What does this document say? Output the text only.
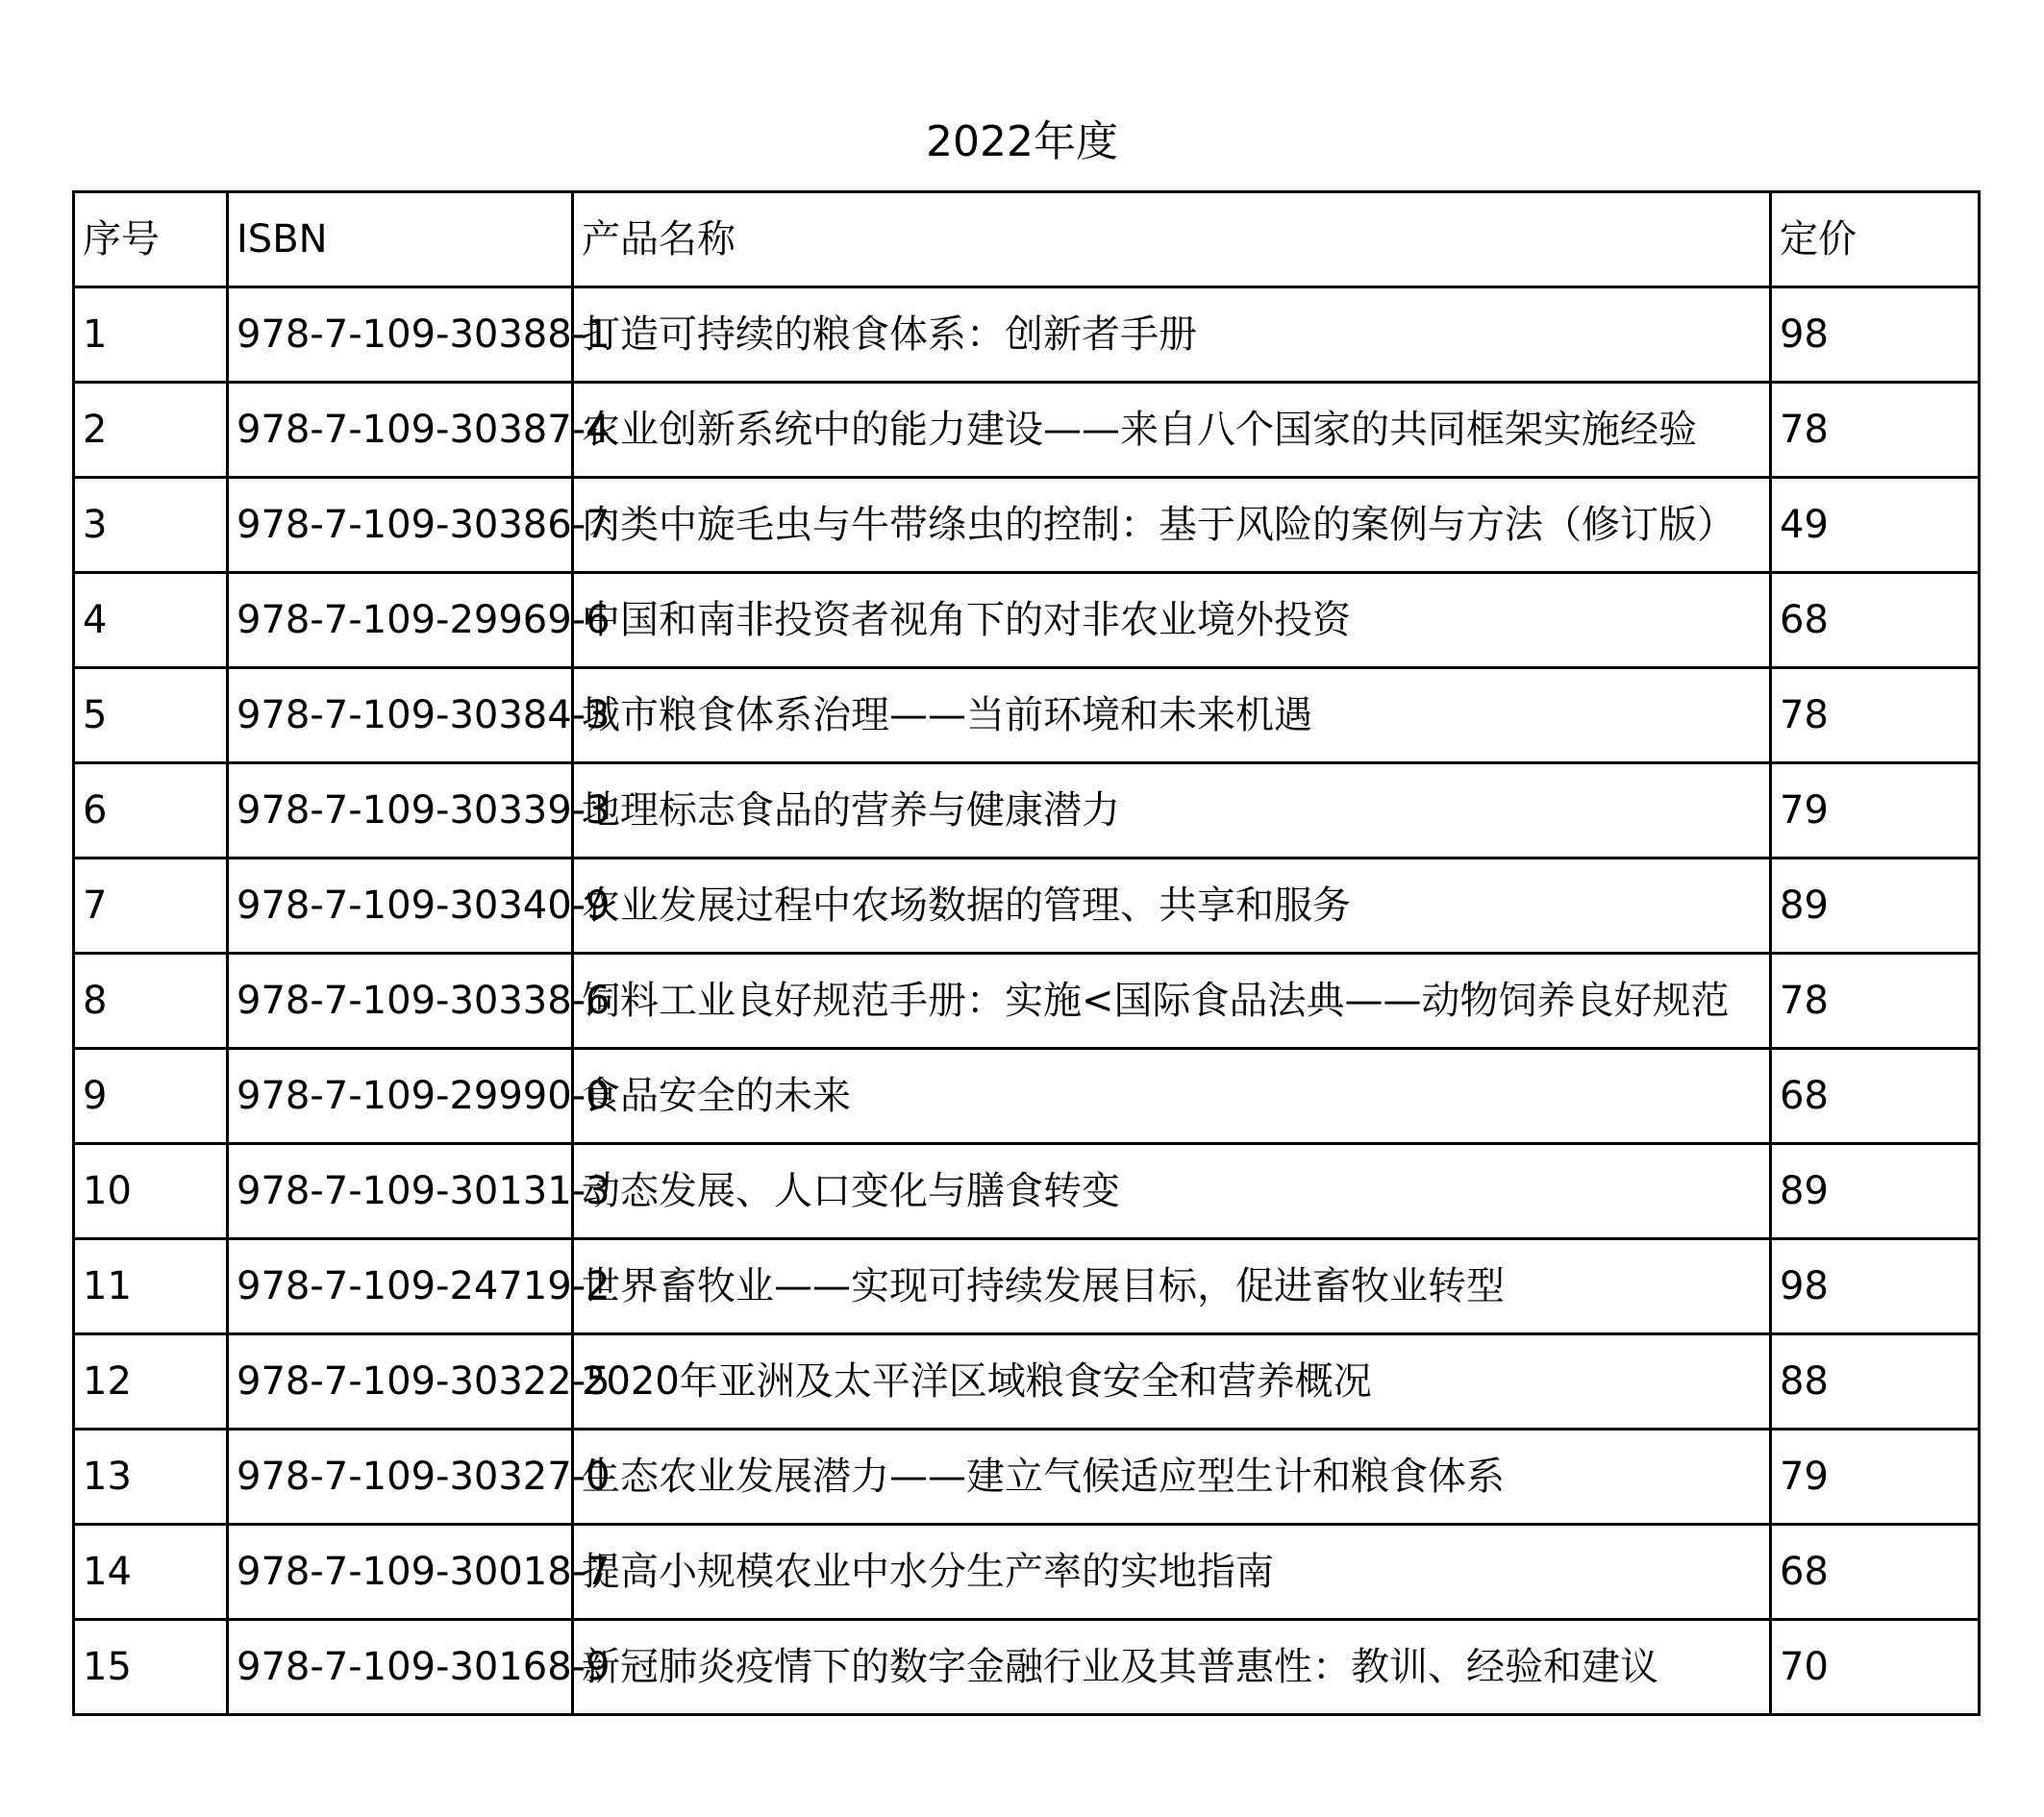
2022年度
序号	ISBN	产品名称	定价
1	978-7-109-30388-1	打造可持续的粮食体系：创新者手册	98
2	978-7-109-30387-4	农业创新系统中的能力建设——来自八个国家的共同框架实施经验	78
3	978-7-109-30386-7	肉类中旋毛虫与牛带绦虫的控制：基于风险的案例与方法（修订版）	49
4	978-7-109-29969-6	中国和南非投资者视角下的对非农业境外投资	68
5	978-7-109-30384-3	城市粮食体系治理——当前环境和未来机遇	78
6	978-7-109-30339-3	地理标志食品的营养与健康潜力	79
7	978-7-109-30340-9	农业发展过程中农场数据的管理、共享和服务	89
8	978-7-109-30338-6	饲料工业良好规范手册：实施<国际食品法典——动物饲养良好规范	78
9	978-7-109-29990-0	食品安全的未来	68
10	978-7-109-30131-3	动态发展、人口变化与膳食转变	89
11	978-7-109-24719-2	世界畜牧业——实现可持续发展目标，促进畜牧业转型	98
12	978-7-109-30322-5	2020年亚洲及太平洋区域粮食安全和营养概况	88
13	978-7-109-30327-0	生态农业发展潜力——建立气候适应型生计和粮食体系	79
14	978-7-109-30018-7	提高小规模农业中水分生产率的实地指南	68
15	978-7-109-30168-9	新冠肺炎疫情下的数字金融行业及其普惠性：教训、经验和建议	70
